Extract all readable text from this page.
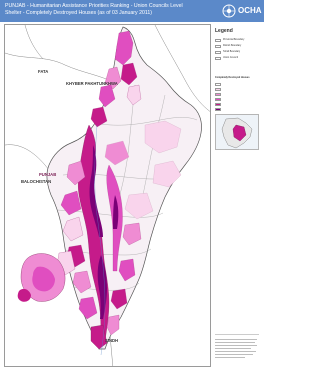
PUNJAB - Humanitarian Assistance Priorities Ranking - Union Councils Level
Shelter - Completely Destroyed Houses (as of 03 January 2011)	OCHA
FATA
KHYBER PAKHTUNKHWA
BALOCHISTAN
PUNJAB
SINDH
Legend
Provincial Boundary
District Boundary
Tehsil Boundary
Union Council
Completely Destroyed Houses
